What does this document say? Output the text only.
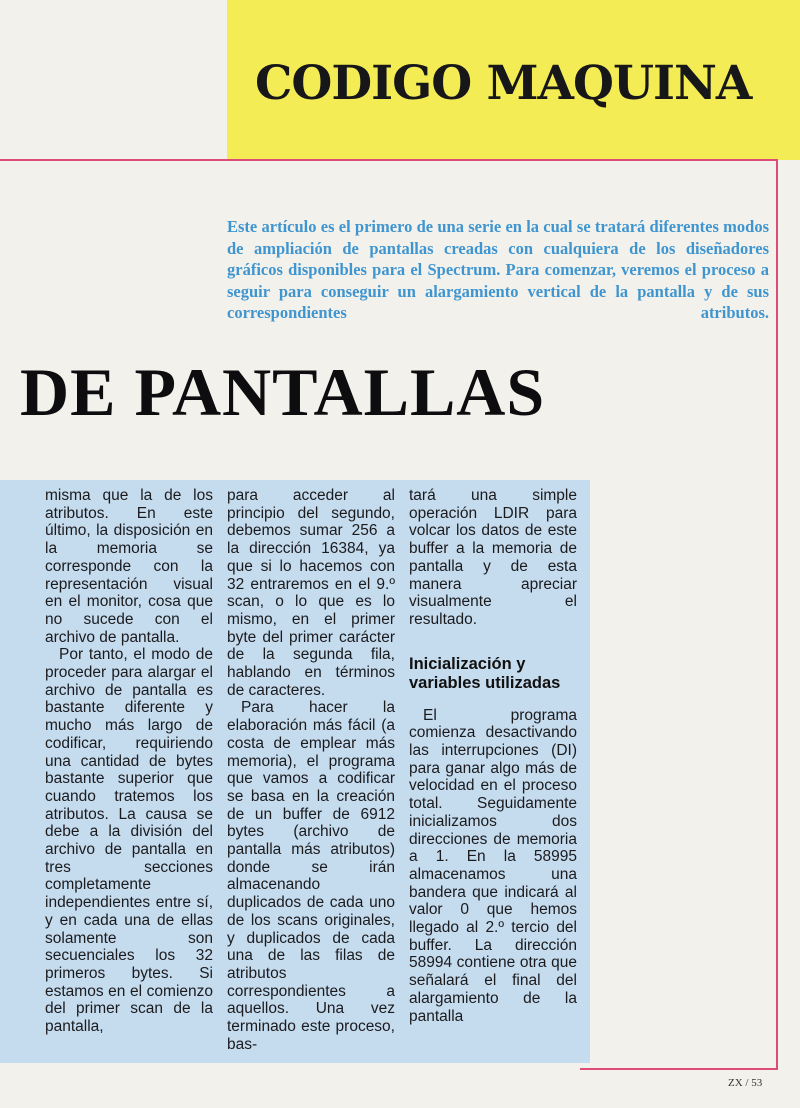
CODIGO MAQUINA

Este artículo es el primero de una serie en la cual se tratará diferentes modos de ampliación de pantallas creadas con cualquiera de los diseñadores gráficos disponibles para el Spectrum. Para comenzar, veremos el proceso a seguir para conseguir un alargamiento vertical de la pantalla y de sus correspondientes atributos.

DE PANTALLAS

misma que la de los atributos. En este último, la disposición en la memoria se corresponde con la representación visual en el monitor, cosa que no sucede con el archivo de pantalla.

Por tanto, el modo de proceder para alargar el archivo de pantalla es bastante diferente y mucho más largo de codificar, requiriendo una cantidad de bytes bastante superior que cuando tratemos los atributos. La causa se debe a la división del archivo de pantalla en tres secciones completamente independientes entre sí, y en cada una de ellas solamente son secuenciales los 32 primeros bytes. Si estamos en el comienzo del primer scan de la pantalla,

para acceder al principio del segundo, debemos sumar 256 a la dirección 16384, ya que si lo hacemos con 32 entraremos en el 9.º scan, o lo que es lo mismo, en el primer byte del primer carácter de la segunda fila, hablando en términos de caracteres.

Para hacer la elaboración más fácil (a costa de emplear más memoria), el programa que vamos a codificar se basa en la creación de un buffer de 6912 bytes (archivo de pantalla más atributos) donde se irán almacenando duplicados de cada uno de los scans originales, y duplicados de cada una de las filas de atributos correspondientes a aquellos. Una vez terminado este proceso, bas-

tará una simple operación LDIR para volcar los datos de este buffer a la memoria de pantalla y de esta manera apreciar visualmente el resultado.

Inicialización y variables utilizadas

El programa comienza desactivando las interrupciones (DI) para ganar algo más de velocidad en el proceso total. Seguidamente inicializamos dos direcciones de memoria a 1. En la 58995 almacenamos una bandera que indicará al valor 0 que hemos llegado al 2.º tercio del buffer. La dirección 58994 contiene otra que señalará el final del alargamiento de la pantalla

ZX / 53
